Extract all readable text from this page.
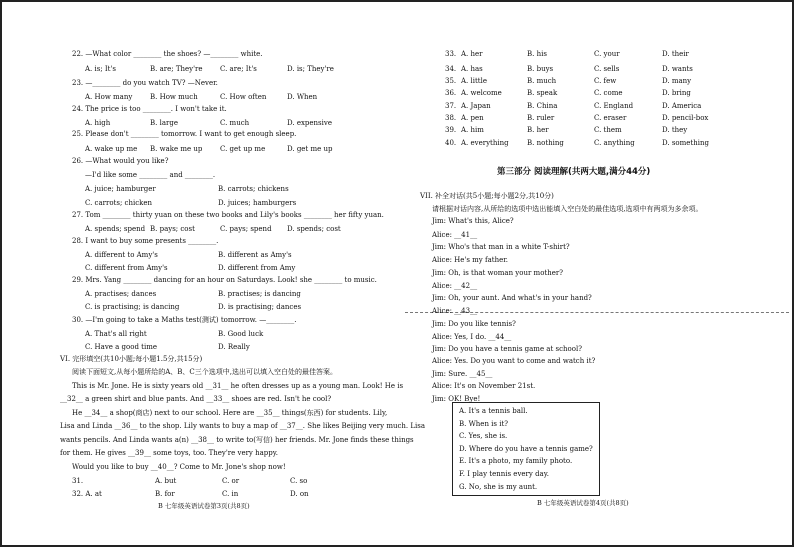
22. —What color ________ the shoes? —________ white.
A. is; It's	B. are; They're C. are; It's	D. is; They're
23. —________ do you watch TV? —Never.
A. How many	B. How much	C. How often	D. When
24. The price is too ________. I won't take it.
A. high	B. large	C. much	D. expensive
25. Please don't ________ tomorrow. I want to get enough sleep.
A. wake up me B. wake me up	C. get up me	D. get me up
26. —What would you like?
—I'd like some ________ and ________.
A. juice; hamburger	B. carrots; chickens
C. carrots; chicken	D. juices; hamburgers
27. Tom ________ thirty yuan on these two books and Lily's books ________ her fifty yuan.
A. spends; spend B. pays; cost	C. pays; spend D. spends; cost
28. I want to buy some presents ________.
A. different to Amy's	B. different as Amy's
C. different from Amy's	D. different from Amy
29. Mrs. Yang ________ dancing for an hour on Saturdays. Look! she ________ to music.
A. practises; dances	B. practises; is dancing
C. is practising; is dancing	D. is practising; dances
30. —I'm going to take a Maths test(测试) tomorrow. —________.
A. That's all right	B. Good luck
C. Have a good time	D. Really
VI. 完形填空(共10小题;每小题1.5分,共15分)
阅读下面短文,从每小题所给的A、B、C三个选项中,选出可以填入空白处的最佳答案。
This is Mr. Jone. He is sixty years old __31__ he often dresses up as a young man. Look! He is
__32__ a green shirt and blue pants. And __33__ shoes are red. Isn't he cool?
He __34__ a shop(商店) next to our school. Here are __35__ things(东西) for students. Lily,
Lisa and Linda __36__ to the shop. Lily wants to buy a map of __37__. She likes Beijing very much. Lisa
wants pencils. And Linda wants a(n) __38__ to write to(写信) her friends. Mr. Jone finds these things
for them. He gives __39__ some toys, too. They're very happy.
Would you like to buy __40__? Come to Mr. Jone's shop now!
31.	A. but	C. or	C. so
32. A. at	B. for	C. in	D. on
33. A. her	B. his	C. your	D. their
34. A. has	B. buys	C. sells	D. wants
35. A. little	B. much	C. few	D. many
36. A. welcome	B. speak	C. come	D. bring
37. A. Japan	B. China	C. England	D. America
38. A. pen	B. ruler	C. eraser	D. pencil-box
39. A. him	B. her	C. them	D. they
40. A. everything	B. nothing	C. anything	D. something
A. It's a tennis ball.
B. When is it?
C. Yes, she is.
D. Where do you have a tennis game?
E. It's a photo, my family photo.
F. I play tennis every day.
G. No, she is my aunt.
B 七年级英语试卷第3页(共8页)	B 七年级英语试卷第4页(共8页)
第三部分 阅读理解(共两大题,满分44分)
VII. 补全对话(共5小题;每小题2分,共10分)
请根据对话内容,从所给的选项中选出能填入空白处的最佳选项,选项中有两项为多余项。
Jim: What's this, Alice?
Alice: __41__
Jim: Who's that man in a white T-shirt?
Alice: He's my father.
Jim: Oh, is that woman your mother?
Alice: __42__
Jim: Oh, your aunt. And what's in your hand?
Alice: __43__
Jim: Do you like tennis?
Alice: Yes, I do. __44__
Jim: Do you have a tennis game at school?
Alice: Yes. Do you want to come and watch it?
Jim: Sure. __45__
Alice: It's on November 21st.
Jim: OK! Bye!
